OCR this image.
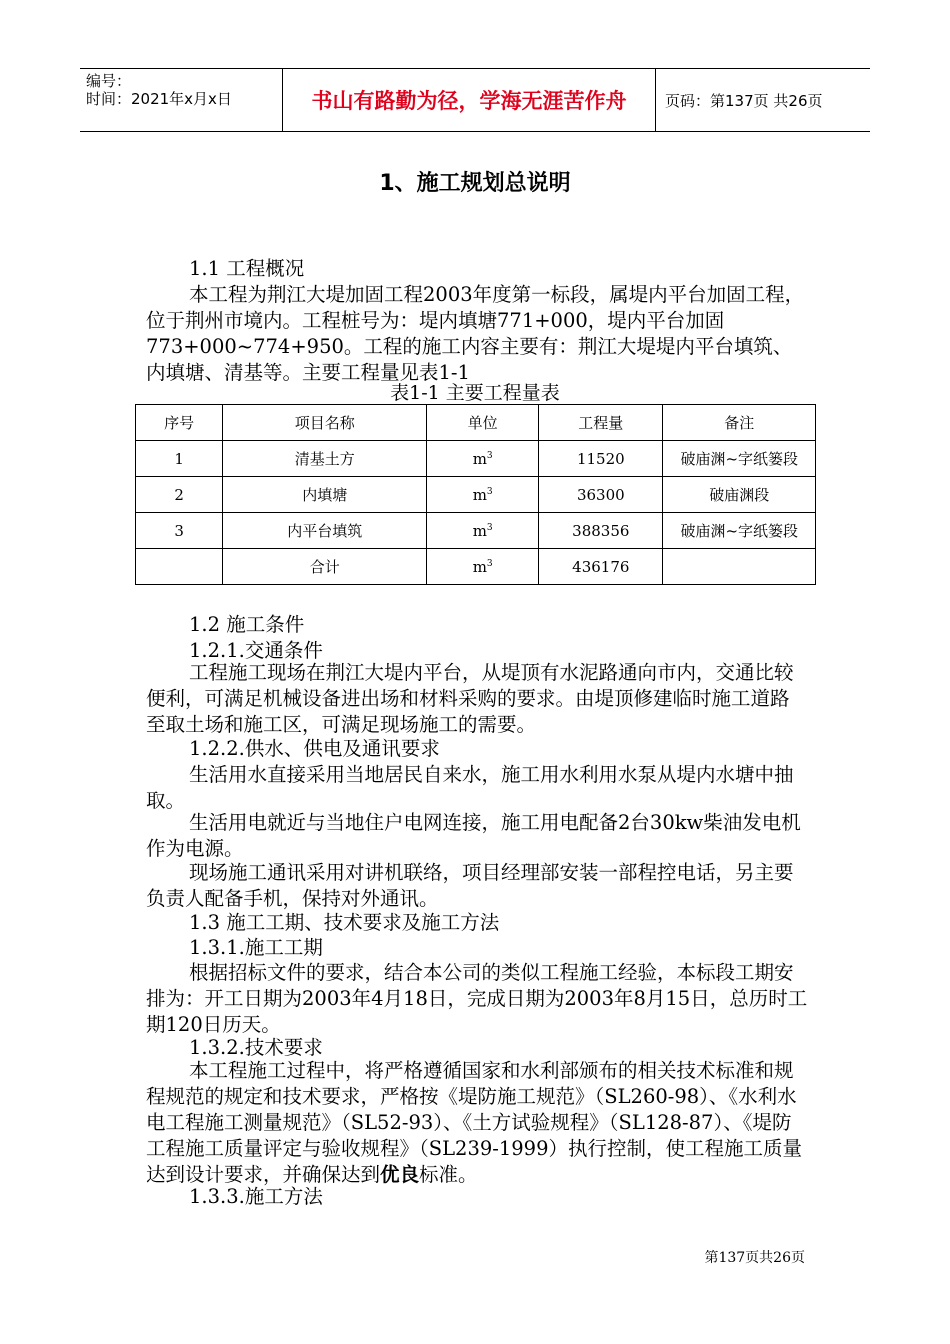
编号：
时间：2021年x月x日	书山有路勤为径，学海无涯苦作舟	页码：第137页 共26页
1、施工规划总说明
1.1 工程概况
本工程为荆江大堤加固工程2003年度第一标段，属堤内平台加固工程，位于荆州市境内。工程桩号为：堤内填塘771+000，堤内平台加固773+000~774+950。工程的施工内容主要有：荆江大堤堤内平台填筑、内填塘、清基等。主要工程量见表1-1
表1-1 主要工程量表
序号	项目名称	单位	工程量	备注
1	清基土方	$m^3$	11520	破庙渊~字纸篓段
2	内填塘	$m^3$	36300	破庙渊段
3	内平台填筑	$m^3$	388356	破庙渊~字纸篓段
	合计	$m^3$	436176	
1.2 施工条件
1.2.1.交通条件
工程施工现场在荆江大堤内平台，从堤顶有水泥路通向市内，交通比较便利，可满足机械设备进出场和材料采购的要求。由堤顶修建临时施工道路至取土场和施工区，可满足现场施工的需要。
1.2.2.供水、供电及通讯要求
生活用水直接采用当地居民自来水，施工用水利用水泵从堤内水塘中抽取。
生活用电就近与当地住户电网连接，施工用电配备2台30kw柴油发电机作为电源。
现场施工通讯采用对讲机联络，项目经理部安装一部程控电话，另主要负责人配备手机，保持对外通讯。
1.3 施工工期、技术要求及施工方法
1.3.1.施工工期
根据招标文件的要求，结合本公司的类似工程施工经验，本标段工期安排为：开工日期为2003年4月18日，完成日期为2003年8月15日，总历时工期120日历天。
1.3.2.技术要求
本工程施工过程中，将严格遵循国家和水利部颁布的相关技术标准和规程规范的规定和技术要求，严格按《堤防施工规范》（SL260-98）、《水利水电工程施工测量规范》（SL52-93）、《土方试验规程》（SL128-87）、《堤防工程施工质量评定与验收规程》（SL239-1999）执行控制，使工程施工质量达到设计要求，并确保达到优良标准。
1.3.3.施工方法
第137页共26页
